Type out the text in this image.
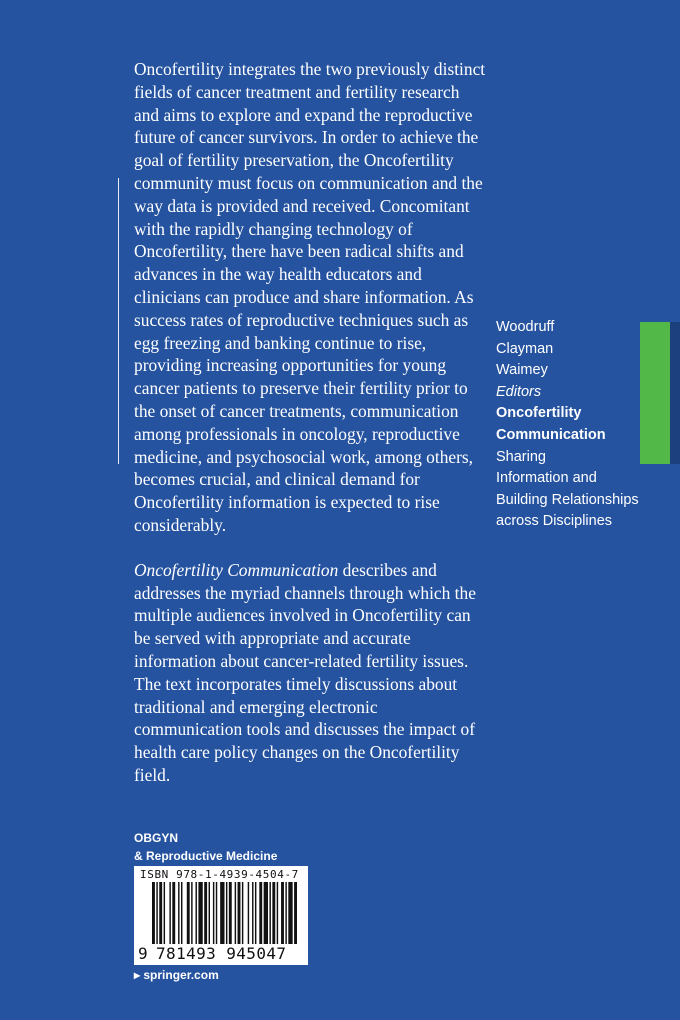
Oncofertility integrates the two previously distinct fields of cancer treatment and fertility research and aims to explore and expand the reproductive future of cancer survivors. In order to achieve the goal of fertility preservation, the Oncofertility community must focus on communication and the way data is provided and received. Concomitant with the rapidly changing technology of Oncofertility, there have been radical shifts and advances in the way health educators and clinicians can produce and share information. As success rates of reproductive techniques such as egg freezing and banking continue to rise, providing increasing opportunities for young cancer patients to preserve their fertility prior to the onset of cancer treatments, communication among professionals in oncology, reproductive medicine, and psychosocial work, among others, becomes crucial, and clinical demand for Oncofertility information is expected to rise considerably.

Oncofertility Communication describes and addresses the myriad channels through which the multiple audiences involved in Oncofertility can be served with appropriate and accurate information about cancer-related fertility issues. The text incorporates timely discussions about traditional and emerging electronic communication tools and discusses the impact of health care policy changes on the Oncofertility field.

Woodruff
Clayman
Waimey
Editors
Oncofertility
Communication
Sharing
Information and
Building Relationships
across Disciplines
OBGYN
& Reproductive Medicine
ISBN 978-1-4939-4504-7
9 781493 945047
▸ springer.com
